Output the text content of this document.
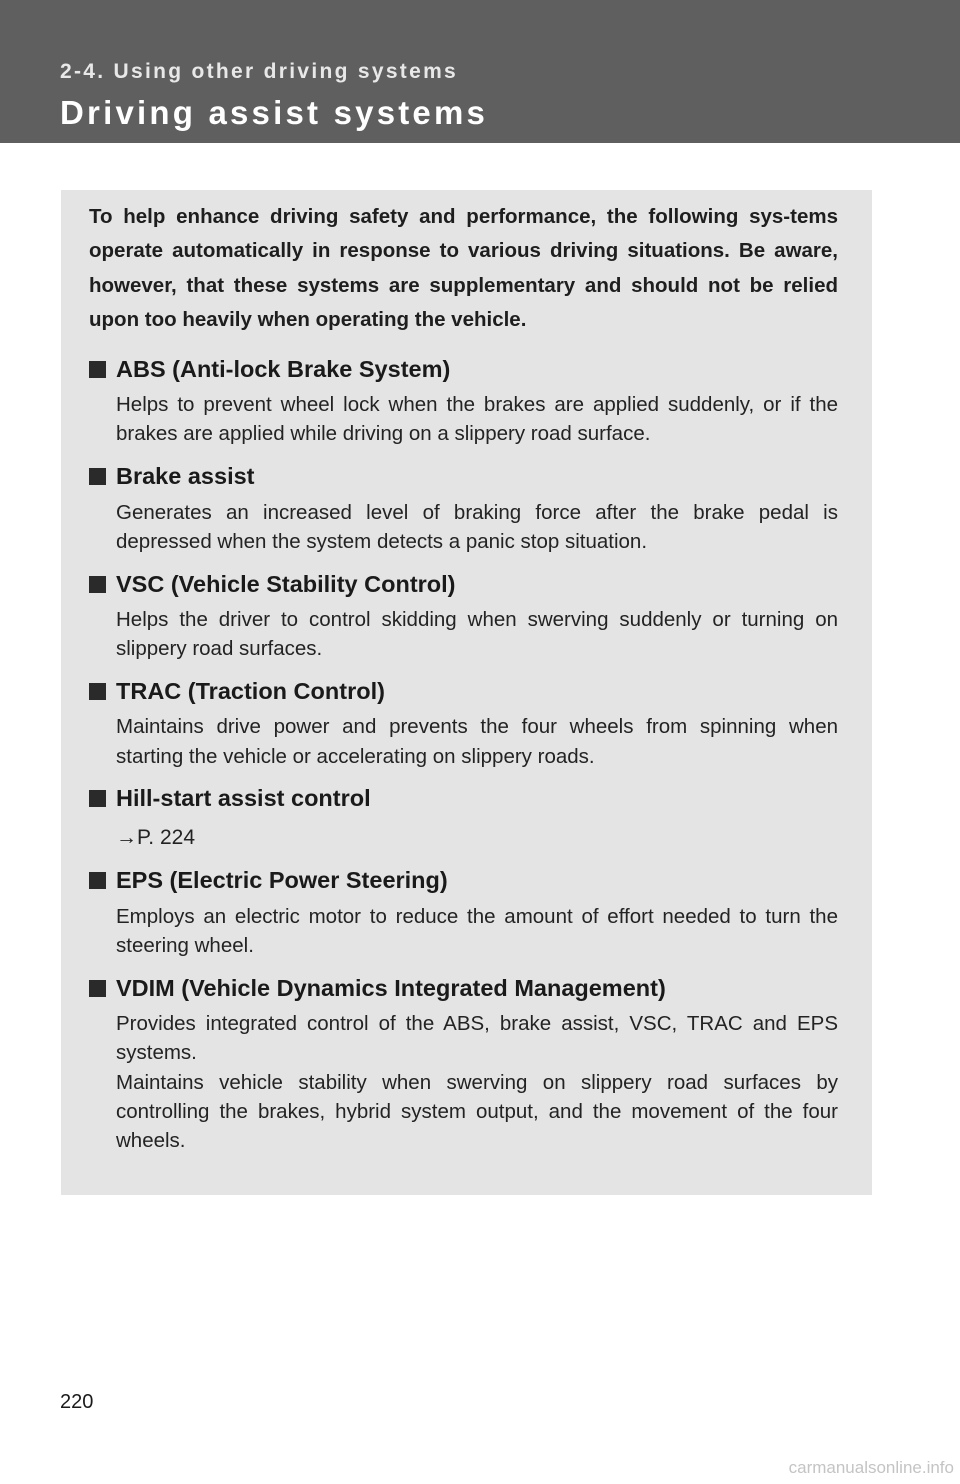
2-4. Using other driving systems
Driving assist systems

To help enhance driving safety and performance, the following sys-tems operate automatically in response to various driving situations. Be aware, however, that these systems are supplementary and should not be relied upon too heavily when operating the vehicle.

ABS (Anti-lock Brake System)

Helps to prevent wheel lock when the brakes are applied suddenly, or if the brakes are applied while driving on a slippery road surface.

Brake assist

Generates an increased level of braking force after the brake pedal is depressed when the system detects a panic stop situation.

VSC (Vehicle Stability Control)

Helps the driver to control skidding when swerving suddenly or turning on slippery road surfaces.

TRAC (Traction Control)

Maintains drive power and prevents the four wheels from spinning when starting the vehicle or accelerating on slippery roads.

Hill-start assist control
→P. 224
EPS (Electric Power Steering)

Employs an electric motor to reduce the amount of effort needed to turn the steering wheel.

VDIM (Vehicle Dynamics Integrated Management)

Provides integrated control of the ABS, brake assist, VSC, TRAC and EPS systems.

Maintains vehicle stability when swerving on slippery road surfaces by controlling the brakes, hybrid system output, and the movement of the four wheels.

220
carmanualsonline.info
